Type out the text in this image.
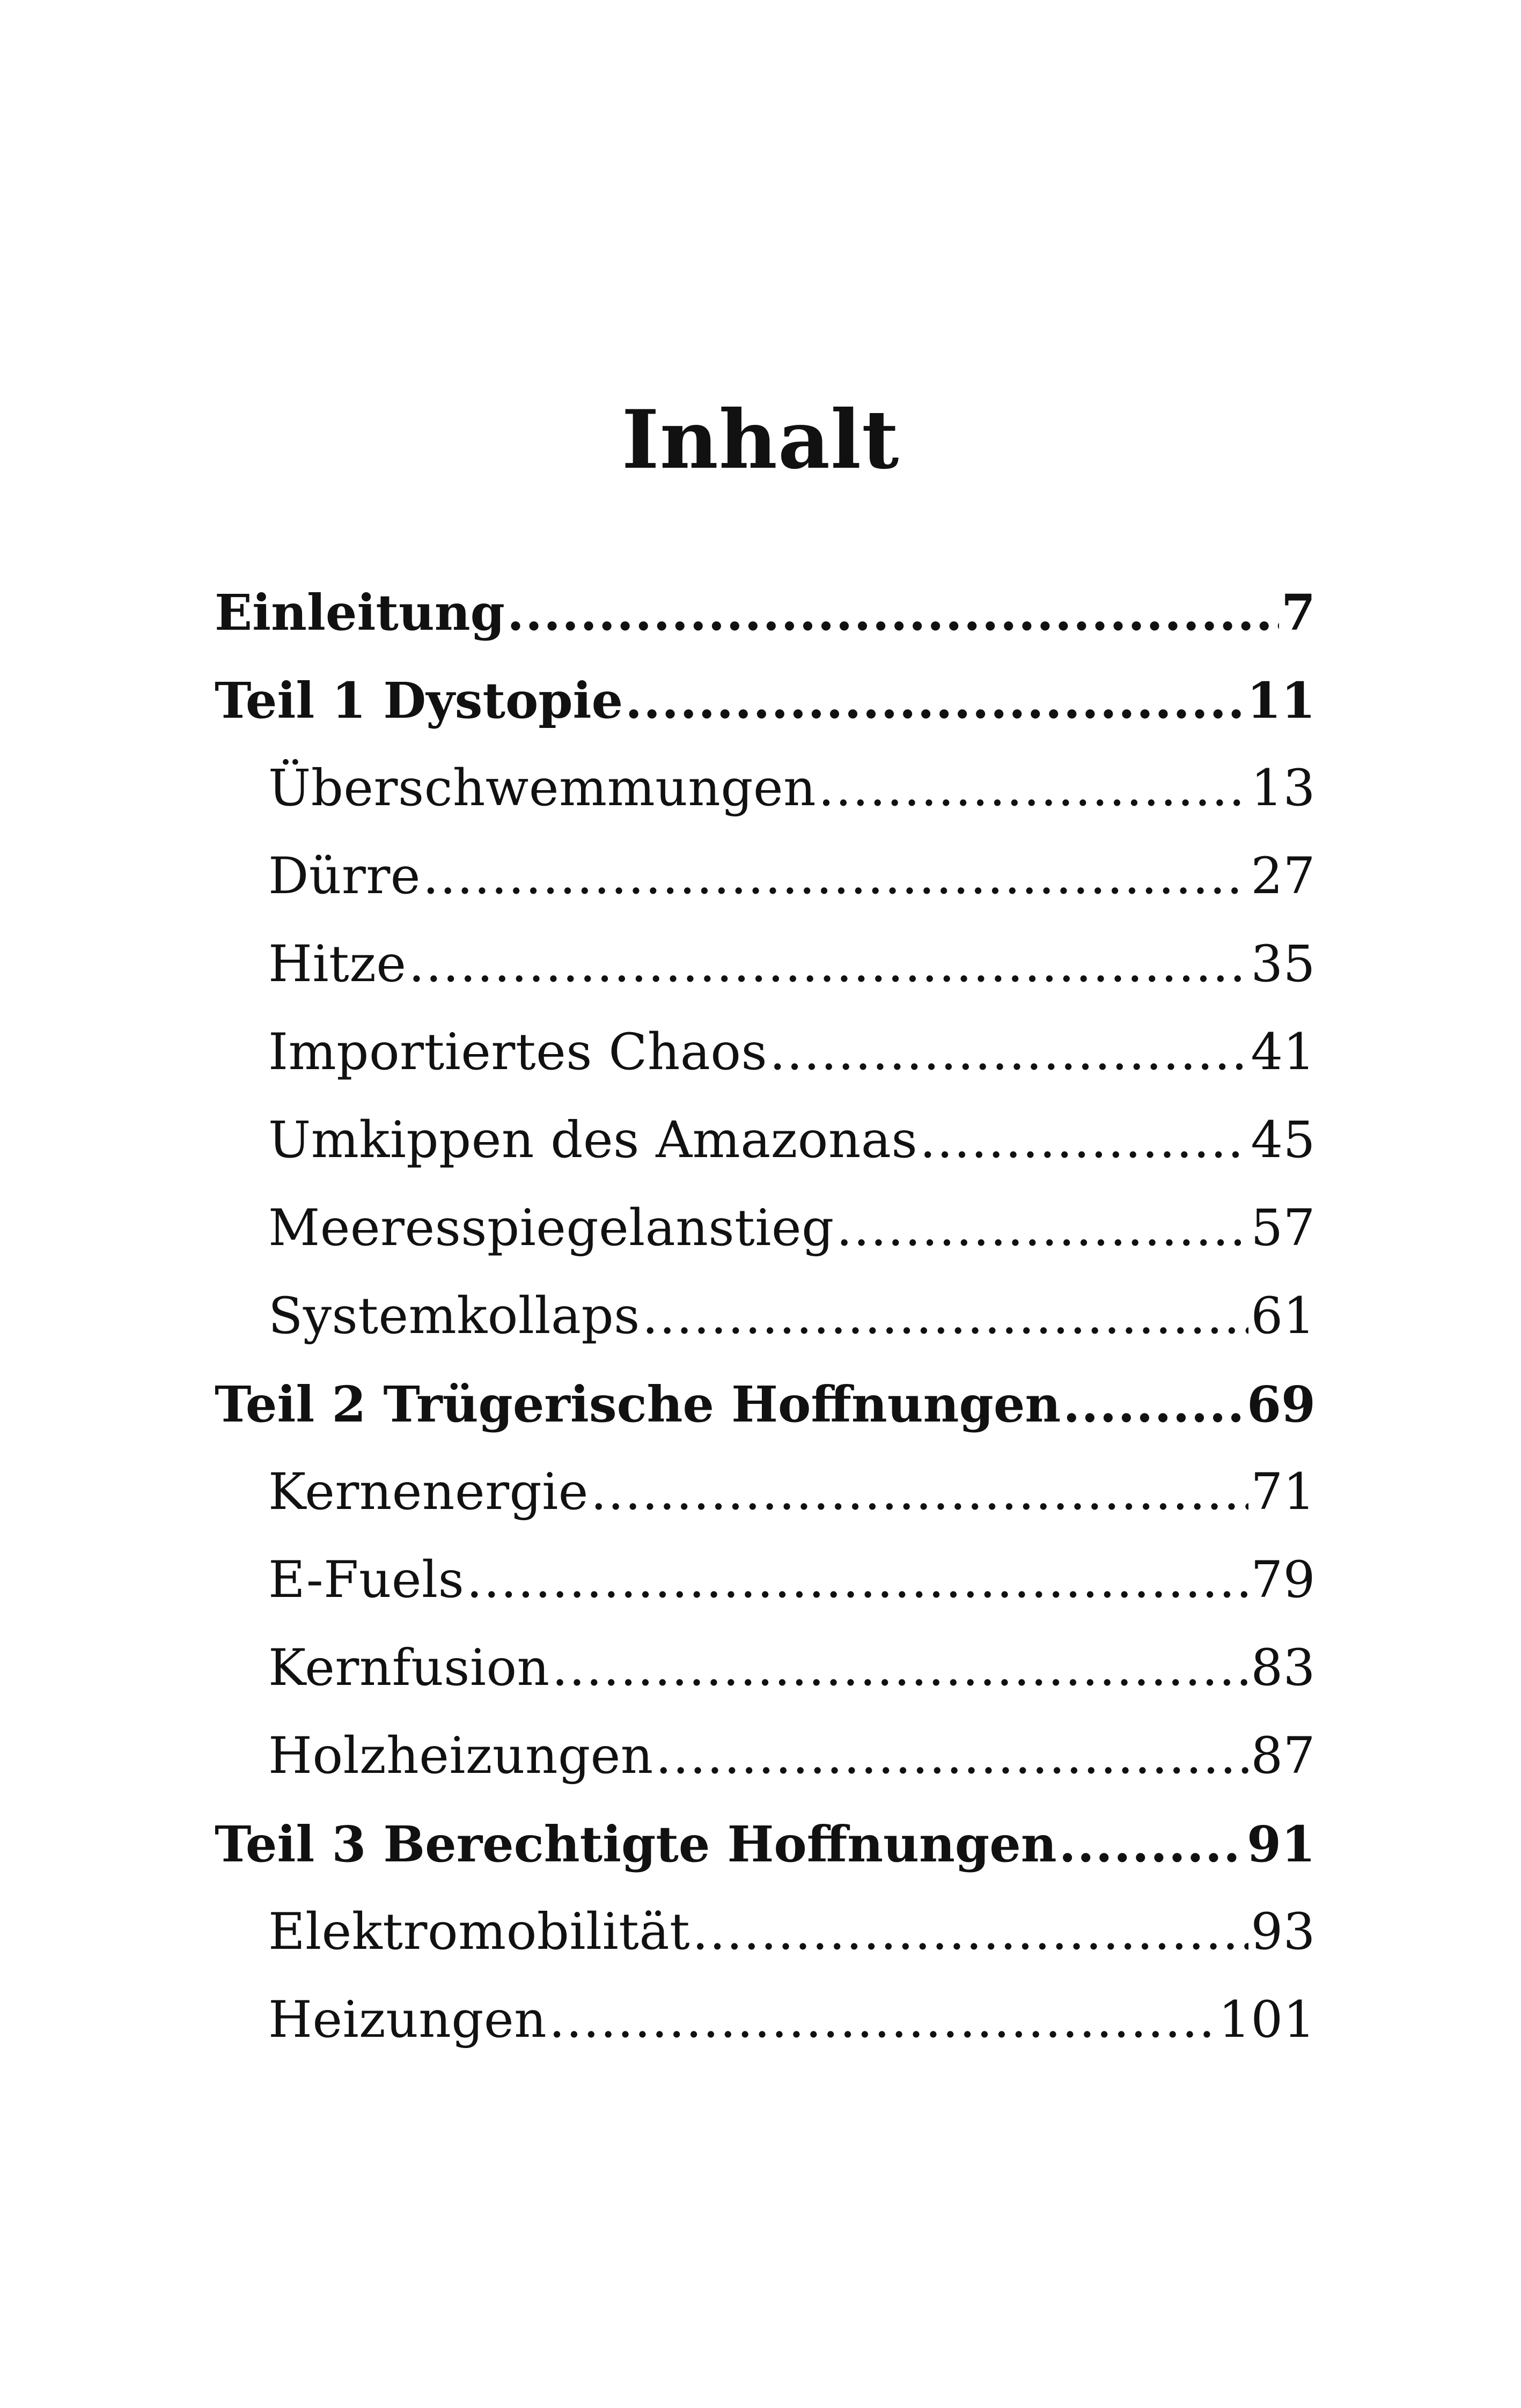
Inhalt
Einleitung .....	7
Teil 1 Dystopie .....	11
Überschwemmungen .....	13
Dürre .....	27
Hitze .....	35
Importiertes Chaos .....	41
Umkippen des Amazonas .....	45
Meeresspiegelanstieg .....	57
Systemkollaps .....	61
Teil 2 Trügerische Hoffnungen .....	69
Kernenergie .....	71
E-Fuels .....	79
Kernfusion .....	83
Holzheizungen .....	87
Teil 3 Berechtigte Hoffnungen .....	91
Elektromobilität .....	93
Heizungen .....	101
